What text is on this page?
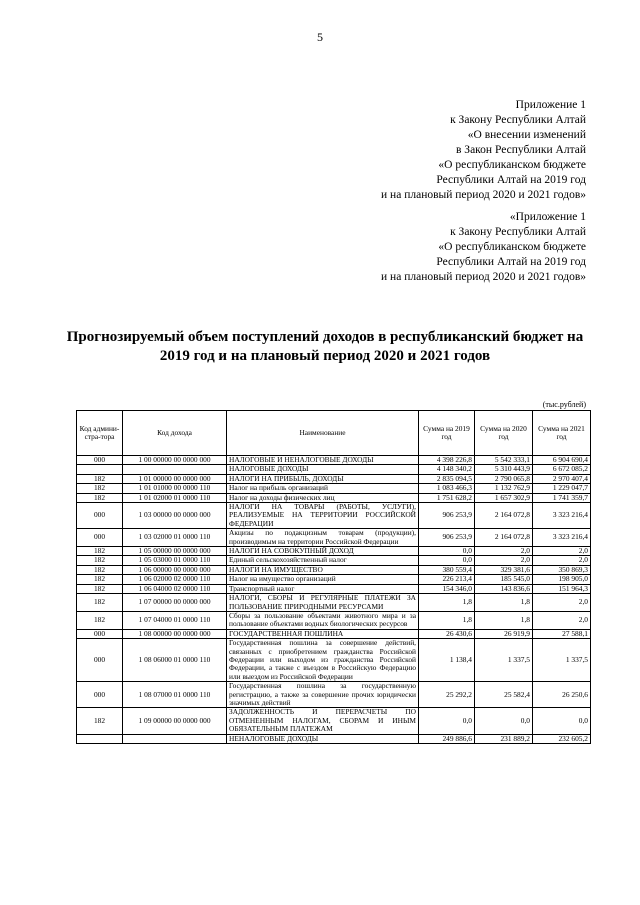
5
Приложение 1
к Закону Республики Алтай
«О внесении изменений
в Закон Республики Алтай
«О республиканском бюджете
Республики Алтай на 2019 год
и на плановый период 2020 и 2021 годов»
«Приложение 1
к Закону Республики Алтай
«О республиканском бюджете
Республики Алтай на 2019 год
и на плановый период 2020 и 2021 годов»
Прогнозируемый объем поступлений доходов в республиканский бюджет на 2019 год и на плановый период 2020 и 2021 годов
(тыс.рублей)
Код админи-стра-тора	Код дохода	Наименование	Сумма на 2019 год	Сумма на 2020 год	Сумма на 2021 год
000	1 00 00000 00 0000 000	НАЛОГОВЫЕ И НЕНАЛОГОВЫЕ ДОХОДЫ	4 398 226,8	5 542 333,1	6 904 690,4
		НАЛОГОВЫЕ ДОХОДЫ	4 148 340,2	5 310 443,9	6 672 085,2
182	1 01 00000 00 0000 000	НАЛОГИ НА ПРИБЫЛЬ, ДОХОДЫ	2 835 094,5	2 790 065,8	2 970 407,4
182	1 01 01000 00 0000 110	Налог на прибыль организаций	1 083 466,3	1 132 762,9	1 229 047,7
182	1 01 02000 01 0000 110	Налог на доходы физических лиц	1 751 628,2	1 657 302,9	1 741 359,7
000	1 03 00000 00 0000 000	НАЛОГИ НА ТОВАРЫ (РАБОТЫ, УСЛУГИ), РЕАЛИЗУЕМЫЕ НА ТЕРРИТОРИИ РОССИЙСКОЙ ФЕДЕРАЦИИ	906 253,9	2 164 072,8	3 323 216,4
000	1 03 02000 01 0000 110	Акцизы по подакцизным товарам (продукции), производимым на территории Российской Федерации	906 253,9	2 164 072,8	3 323 216,4
182	1 05 00000 00 0000 000	НАЛОГИ НА СОВОКУПНЫЙ ДОХОД	0,0	2,0	2,0
182	1 05 03000 01 0000 110	Единый сельскохозяйственный налог	0,0	2,0	2,0
182	1 06 00000 00 0000 000	НАЛОГИ НА ИМУЩЕСТВО	380 559,4	329 381,6	350 869,3
182	1 06 02000 02 0000 110	Налог на имущество организаций	226 213,4	185 545,0	198 905,0
182	1 06 04000 02 0000 110	Транспортный налог	154 346,0	143 836,6	151 964,3
182	1 07 00000 00 0000 000	НАЛОГИ, СБОРЫ И РЕГУЛЯРНЫЕ ПЛАТЕЖИ ЗА ПОЛЬЗОВАНИЕ ПРИРОДНЫМИ РЕСУРСАМИ	1,8	1,8	2,0
182	1 07 04000 01 0000 110	Сборы за пользование объектами животного мира и за пользование объектами водных биологических ресурсов	1,8	1,8	2,0
000	1 08 00000 00 0000 000	ГОСУДАРСТВЕННАЯ ПОШЛИНА	26 430,6	26 919,9	27 588,1
000	1 08 06000 01 0000 110	Государственная пошлина за совершение действий, связанных с приобретением гражданства Российской Федерации или выходом из гражданства Российской Федерации, а также с въездом в Российскую Федерацию или выездом из Российской Федерации	1 138,4	1 337,5	1 337,5
000	1 08 07000 01 0000 110	Государственная пошлина за государственную регистрацию, а также за совершение прочих юридически значимых действий	25 292,2	25 582,4	26 250,6
182	1 09 00000 00 0000 000	ЗАДОЛЖЕННОСТЬ И ПЕРЕРАСЧЕТЫ ПО ОТМЕНЕННЫМ НАЛОГАМ, СБОРАМ И ИНЫМ ОБЯЗАТЕЛЬНЫМ ПЛАТЕЖАМ	0,0	0,0	0,0
		НЕНАЛОГОВЫЕ ДОХОДЫ	249 886,6	231 889,2	232 605,2
